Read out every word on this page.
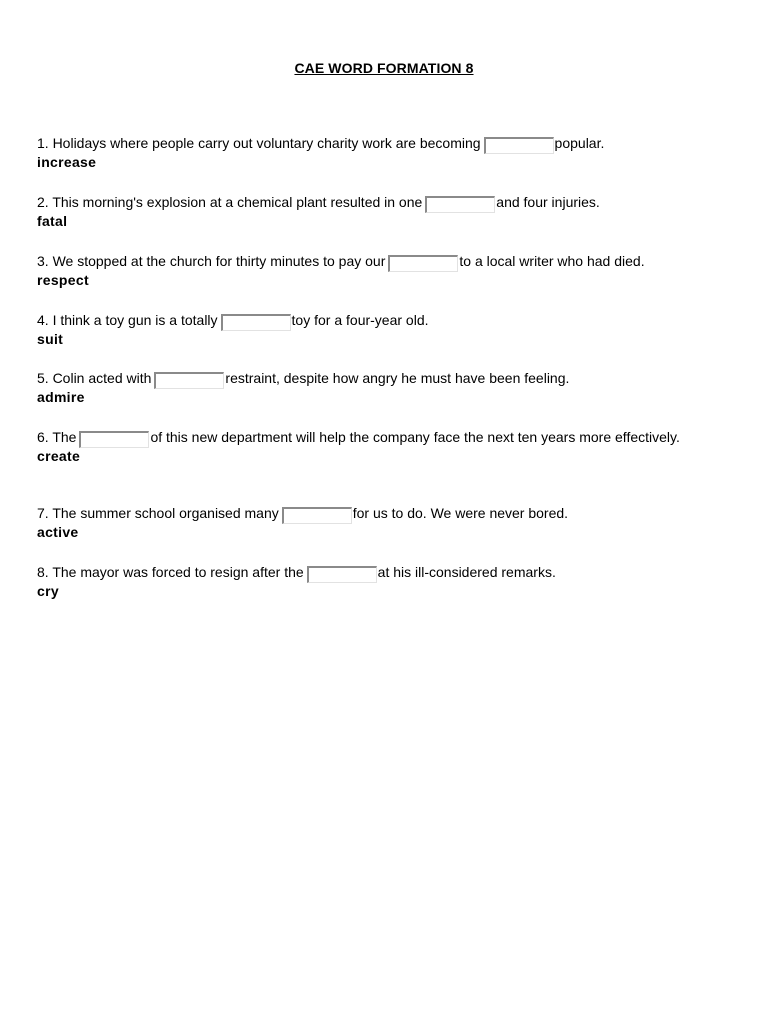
CAE WORD FORMATION 8
1. Holidays where people carry out voluntary charity work are becoming	popular.
increase
2. This morning's explosion at a chemical plant resulted in one	and four injuries.
fatal
3. We stopped at the church for thirty minutes to pay our	to a local writer who had died.
respect
4. I think a toy gun is a totally	toy for a four-year old.
suit
5. Colin acted with	restraint, despite how angry he must have been feeling.
admire
6. The	of this new department will help the company face the next ten years more effectively.
create
7. The summer school organised many	for us to do. We were never bored.
active
8. The mayor was forced to resign after the	at his ill-considered remarks.
cry
